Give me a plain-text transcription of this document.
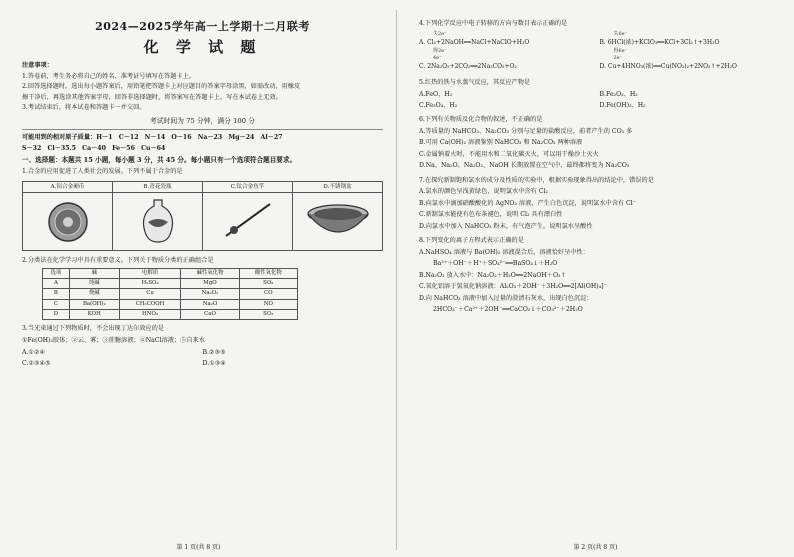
2024—2025学年高一上学期十二月联考

化 学 试 题

注意事项：

1.答卷前，考生务必将自己的姓名、准考证号填写在答题卡上。

2.回答选择题时，选出每小题答案后，用铅笔把答题卡上对应题目的答案字母涂黑，如需改动，用橡皮

擦干净后，再选涂其他答案字母，回答非选择题时，将答案写在答题卡上，写在本试卷上无效。

3.考试结束后，将本试卷和答题卡一并交回。

考试时间为 75 分钟，满分 100 分

可能用到的相对原子质量：H－1　C－12　N－14　O－16　Na－23　Mg－24　Al－27

S－32　Cl－35.5　Ca－40　Fe－56　Cu－64

一、选择题：本题共 15 小题，每小题 3 分，共 45 分。每小题只有一个选项符合题目要求。

1.合金的应用促进了人类社会的发展。下列不属于合金的是

A.铝合金硬币	B.青花瓷瓶	C.钛合金鱼竿	D.不锈钢盆

2.分类法在化学学习中具有重要意义。下列关于物质分类的正确组合是

选项	碱	电解质	碱性氧化物	酸性氧化物
A	纯碱	H₂SO₄	MgO	SO₂
B	烧碱	Cu	Na₂O₂	CO
C	Ba(OH)₂	CH₃COOH	Na₂O	NO
D	KOH	HNO₃	CaO	SO₃

3.当光束通过下列物质时，不会出现丁达尔效应的是

①Fe(OH)₃胶体；②云、雾；③蔗糖溶液；④NaCl溶液；⑤自来水

A.①②④	B.②③⑤
C.②③④⑤	D.①③④
第 1 页(共 8 页)

4.下列化学反应中电子转移的方向与数目表示正确的是

失2e⁻	失6e⁻
A. Cl₂+2NaOH══NaCl+NaClO+H₂O	B. 6HCl(浓)+KClO₃══KCl+3Cl₂↑+3H₂O
得2e⁻	得6e⁻
4e⁻	2e⁻
C. 2Na₂O₂+2CO₂══2Na₂CO₃+O₂	D. Cu+4HNO₃(浓)══Cu(NO₃)₂+2NO₂↑+2H₂O

5.红热的铁与水蒸气反应，其反应产物是

A.FeO、H₂	B.Fe₂O₃、H₂
C.Fe₃O₄、H₂	D.Fe(OH)₃、H₂

6.下列有关物质及化合物的叙述，不正确的是

A.等质量的 NaHCO₃、Na₂CO₃ 分别与足量的盐酸反应，前者产生的 CO₂ 多

B.可用 Ca(OH)₂ 溶液鉴别 NaHCO₃ 和 Na₂CO₃ 两种溶液

C.金属钠着火时，不能用水和二氧化碳灭火，可以用干燥沙土灭火

D.Na、Na₂O、Na₂O₂、NaOH 长期放置在空气中，最终都将变为 Na₂CO₃

7.在探究新制饱和氯水的成分及性质的实验中，根据实验现象得出的结论中，错误的是

A.氯水的颜色呈浅黄绿色，说明氯水中含有 Cl₂

B.向氯水中滴加硝酸酸化的 AgNO₃ 溶液，产生白色沉淀，说明氯水中含有 Cl⁻

C.新制氯水能使有色布条褪色，说明 Cl₂ 具有漂白性

D.向氯水中加入 NaHCO₃ 粉末，有气泡产生，说明氯水呈酸性

8.下列变化的离子方程式表示正确的是

A.NaHSO₄ 溶液与 Ba(OH)₂ 溶液混合后，溶液恰好呈中性：

Ba²⁺＋OH⁻＋H⁺＋SO₄²⁻══BaSO₄↓＋H₂O

B.Na₂O₂ 放入水中：Na₂O₂＋H₂O══2NaOH＋O₂↑

C.氧化铝溶于氢氧化钠溶液：Al₂O₃＋2OH⁻＋3H₂O══2[Al(OH)₄]⁻

D.向 NaHCO₃ 溶液中加入过量的澄清石灰水，出现白色沉淀：

2HCO₃⁻＋Ca²⁺＋2OH⁻══CaCO₃↓＋CO₃²⁻＋2H₂O

第 2 页(共 8 页)
